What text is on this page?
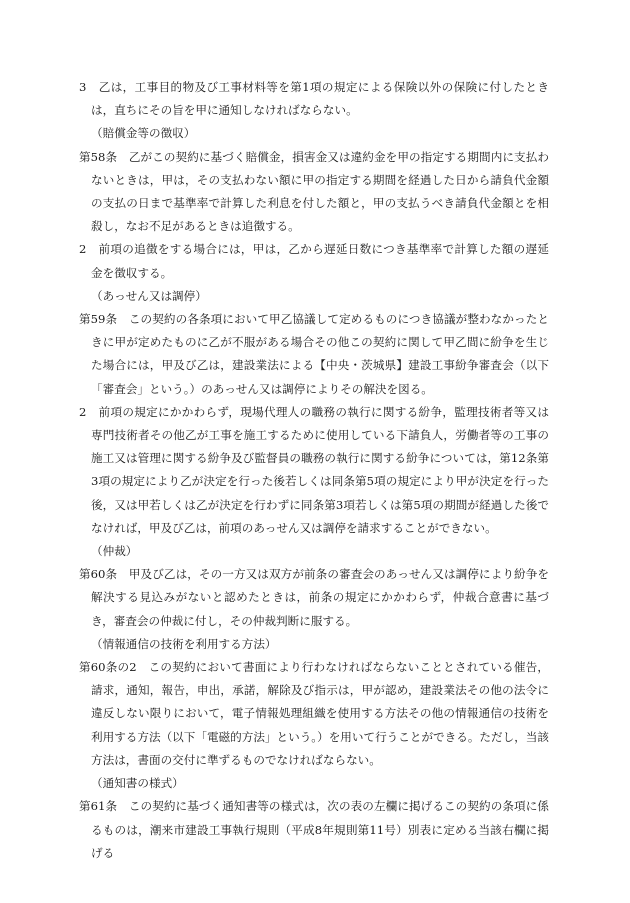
3　乙は，工事目的物及び工事材料等を第1項の規定による保険以外の保険に付したときは，直ちにその旨を甲に通知しなければならない。

（賠償金等の徴収）

第58条　乙がこの契約に基づく賠償金，損害金又は違約金を甲の指定する期間内に支払わないときは，甲は，その支払わない額に甲の指定する期間を経過した日から請負代金額の支払の日まで基準率で計算した利息を付した額と，甲の支払うべき請負代金額とを相殺し，なお不足があるときは追徴する。

2　前項の追徴をする場合には，甲は，乙から遅延日数につき基準率で計算した額の遅延金を徴収する。

（あっせん又は調停）

第59条　この契約の各条項において甲乙協議して定めるものにつき協議が整わなかったときに甲が定めたものに乙が不服がある場合その他この契約に関して甲乙間に紛争を生じた場合には，甲及び乙は，建設業法による【中央・茨城県】建設工事紛争審査会（以下「審査会」という。）のあっせん又は調停によりその解決を図る。

2　前項の規定にかかわらず，現場代理人の職務の執行に関する紛争，監理技術者等又は専門技術者その他乙が工事を施工するために使用している下請負人，労働者等の工事の施工又は管理に関する紛争及び監督員の職務の執行に関する紛争については，第12条第3項の規定により乙が決定を行った後若しくは同条第5項の規定により甲が決定を行った後，又は甲若しくは乙が決定を行わずに同条第3項若しくは第5項の期間が経過した後でなければ，甲及び乙は，前項のあっせん又は調停を請求することができない。

（仲裁）

第60条　甲及び乙は，その一方又は双方が前条の審査会のあっせん又は調停により紛争を解決する見込みがないと認めたときは，前条の規定にかかわらず，仲裁合意書に基づき，審査会の仲裁に付し，その仲裁判断に服する。

（情報通信の技術を利用する方法）

第60条の2　この契約において書面により行わなければならないこととされている催告，請求，通知，報告，申出，承諾，解除及び指示は，甲が認め，建設業法その他の法令に違反しない限りにおいて，電子情報処理組織を使用する方法その他の情報通信の技術を利用する方法（以下「電磁的方法」という。）を用いて行うことができる。ただし，当該方法は，書面の交付に準ずるものでなければならない。

（通知書の様式）

第61条　この契約に基づく通知書等の様式は，次の表の左欄に掲げるこの契約の条項に係るものは，潮来市建設工事執行規則（平成8年規則第11号）別表に定める当該右欄に掲げる
